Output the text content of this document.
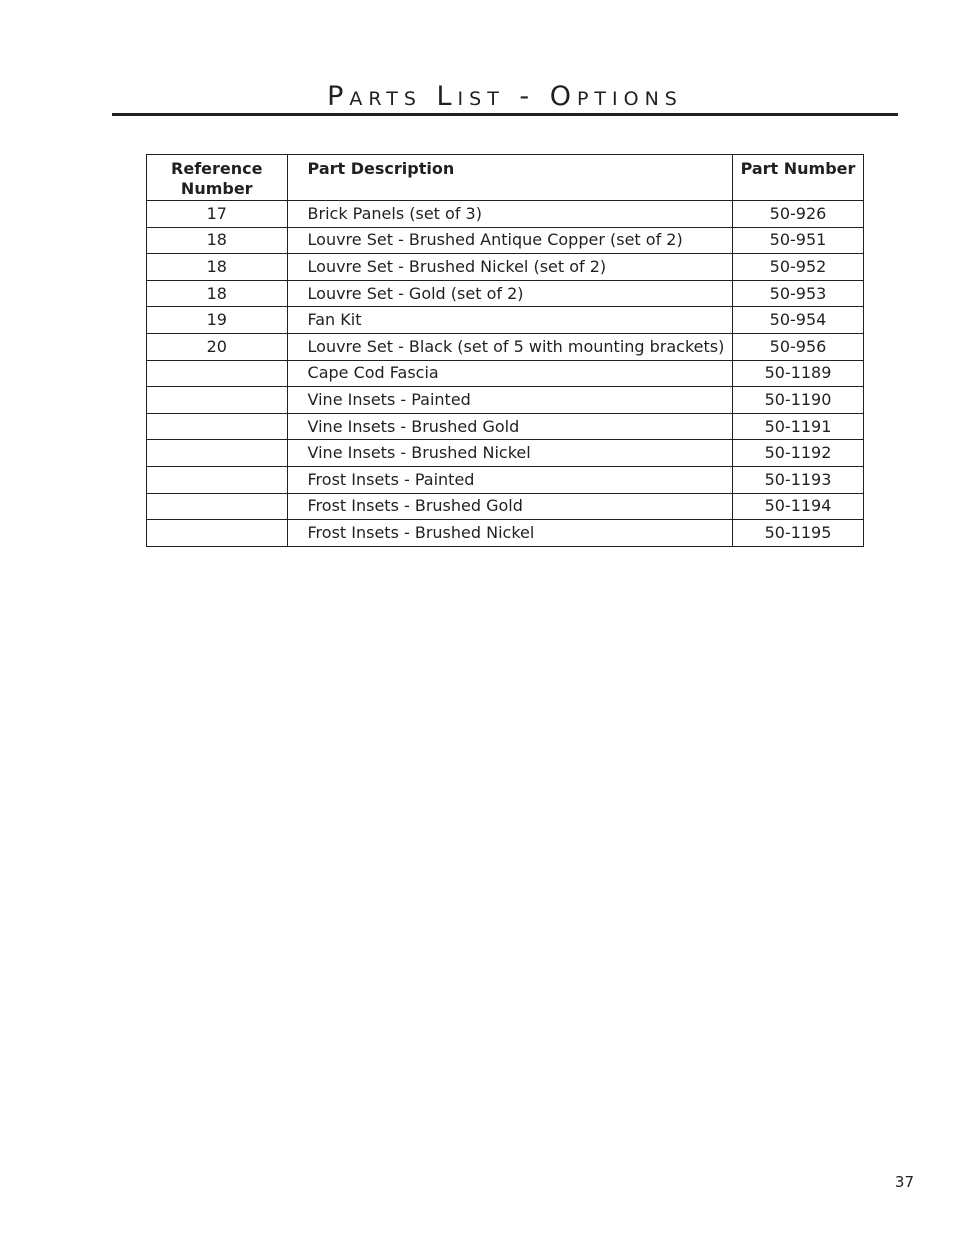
Parts List - Options
Reference
Number	Part Description	Part Number
17	Brick Panels (set of 3)	50-926
18	Louvre Set - Brushed Antique Copper (set of 2)	50-951
18	Louvre Set - Brushed Nickel (set of 2)	50-952
18	Louvre Set - Gold (set of 2)	50-953
19	Fan Kit	50-954
20	Louvre Set - Black (set of 5 with mounting brackets)	50-956
	Cape Cod Fascia	50-1189
	Vine Insets - Painted	50-1190
	Vine Insets - Brushed Gold	50-1191
	Vine Insets - Brushed Nickel	50-1192
	Frost Insets - Painted	50-1193
	Frost Insets - Brushed Gold	50-1194
	Frost Insets - Brushed Nickel	50-1195
37
